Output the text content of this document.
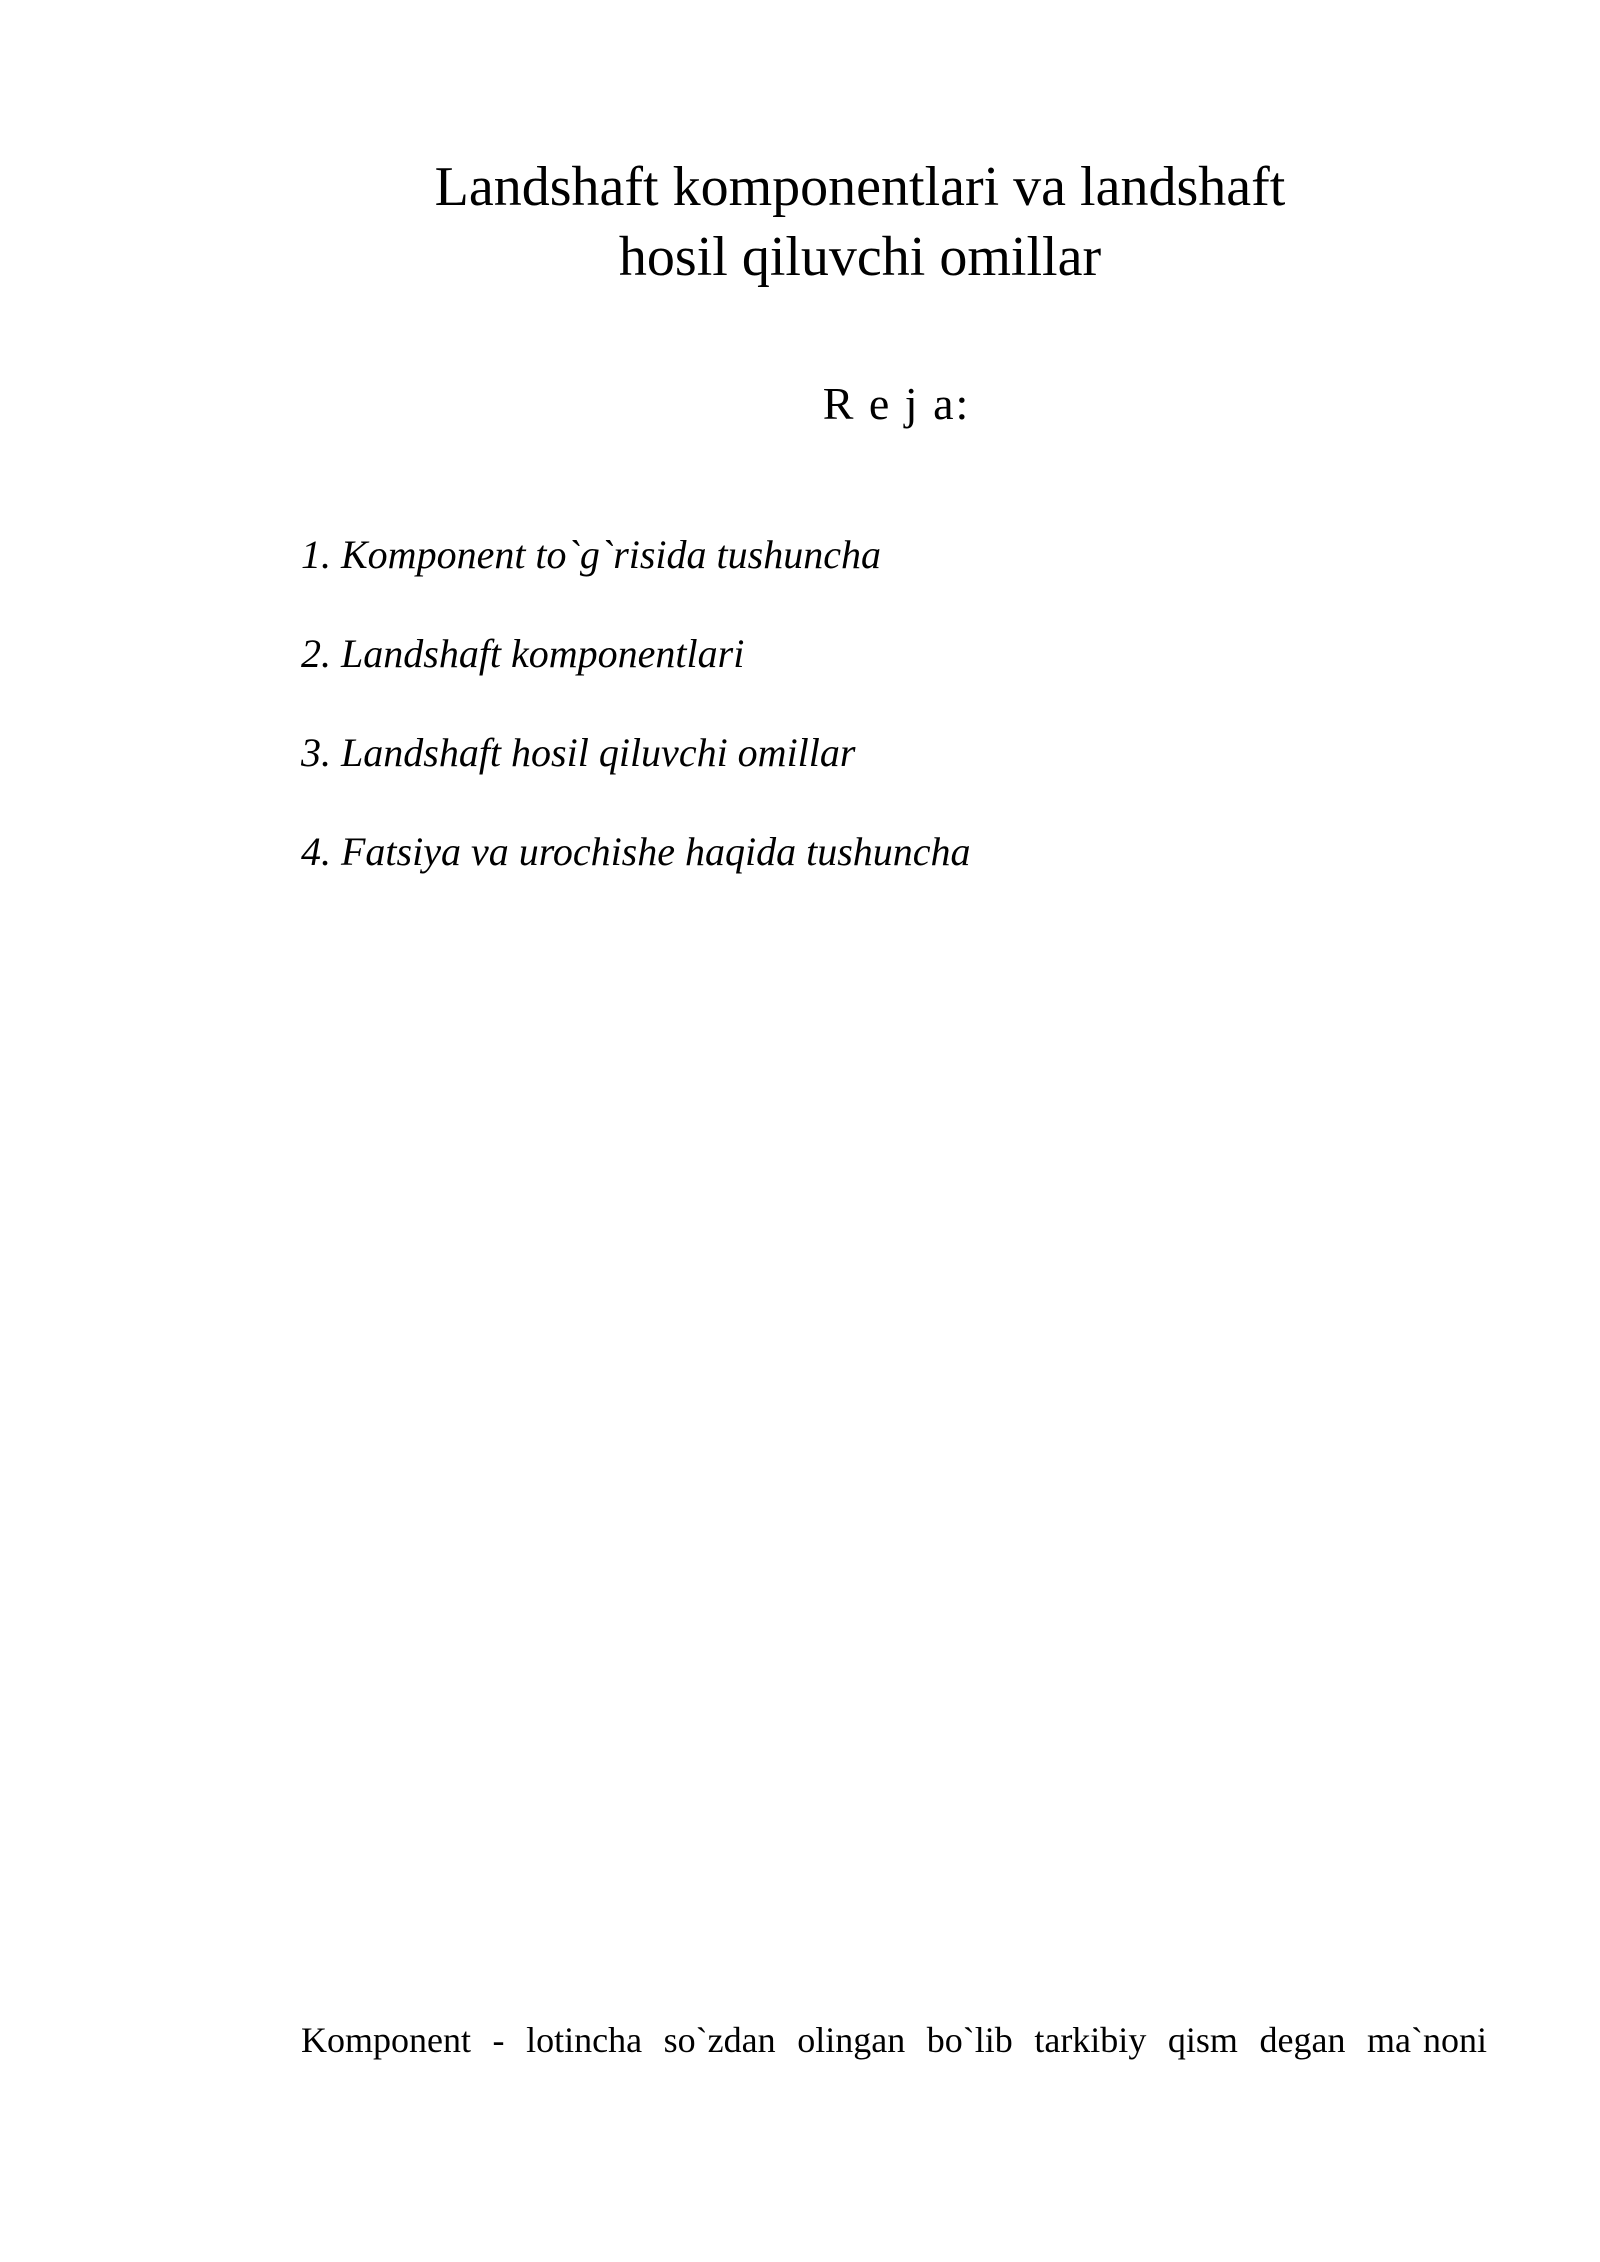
Landshaft komponentlari va landshaft
hosil qiluvchi omillar
R e j a:
1. Komponent to`g`risida tushuncha
2. Landshaft komponentlari
3. Landshaft hosil qiluvchi omillar
4. Fatsiya va urochishe haqida tushuncha

Komponent - lotincha so`zdan olingan bo`lib tarkibiy qism degan ma`noni
